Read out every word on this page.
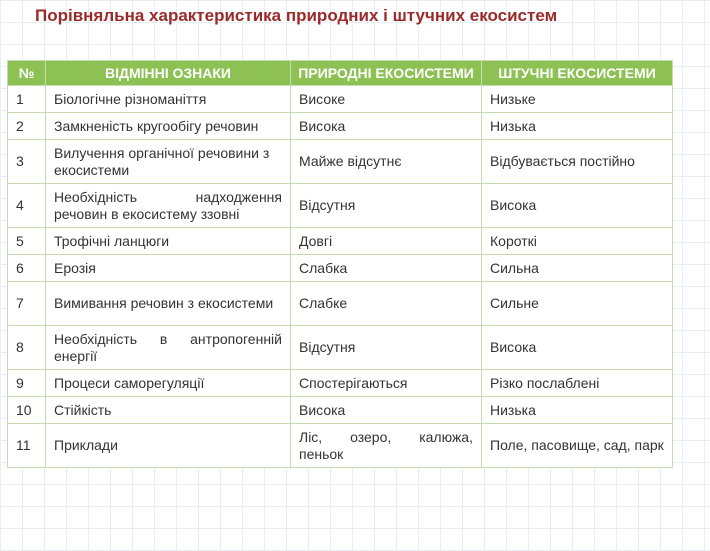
Порівняльна характеристика природних і штучних екосистем
№	ВІДМІННІ ОЗНАКИ	ПРИРОДНІ ЕКОСИСТЕМИ	ШТУЧНІ ЕКОСИСТЕМИ
1	Біологічне різноманіття	Високе	Низьке
2	Замкненість кругообігу речовин	Висока	Низька
3	Вилучення органічної речовини з екосистеми	Майже відсутнє	Відбувається постійно
4	Необхідність надходження речовин в екосистему ззовні	Відсутня	Висока
5	Трофічні ланцюги	Довгі	Короткі
6	Ерозія	Слабка	Сильна
7	Вимивання речовин з екосистеми	Слабке	Сильне
8	Необхідність в антропогенній енергії	Відсутня	Висока
9	Процеси саморегуляції	Спостерігаються	Різко послаблені
10	Стійкість	Висока	Низька
11	Приклади	Ліс, озеро, калюжа, пеньок	Поле, пасовище, сад, парк
